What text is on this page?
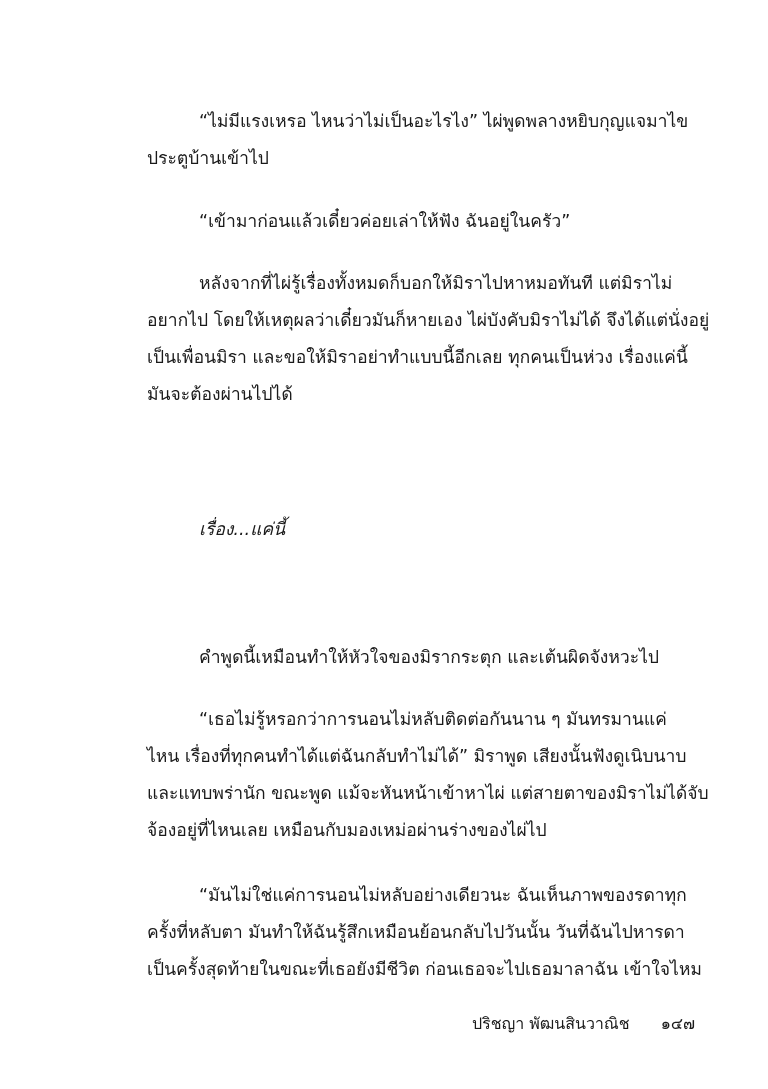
“ไม่มีแรงเหรอ ไหนว่าไม่เป็นอะไรไง” ไผ่พูดพลางหยิบกุญแจมาไข
ประตูบ้านเข้าไป
“เข้ามาก่อนแล้วเดี๋ยวค่อยเล่าให้ฟัง ฉันอยู่ในครัว”
หลังจากที่ไผ่รู้เรื่องทั้งหมดก็บอกให้มิราไปหาหมอทันที แต่มิราไม่
อยากไป โดยให้เหตุผลว่าเดี๋ยวมันก็หายเอง ไผ่บังคับมิราไม่ได้ จึงได้แต่นั่งอยู่
เป็นเพื่อนมิรา และขอให้มิราอย่าทำแบบนี้อีกเลย ทุกคนเป็นห่วง เรื่องแค่นี้
มันจะต้องผ่านไปได้
เรื่อง...แค่นี้
คำพูดนี้เหมือนทำให้หัวใจของมิรากระตุก และเต้นผิดจังหวะไป
“เธอไม่รู้หรอกว่าการนอนไม่หลับติดต่อกันนาน ๆ มันทรมานแค่
ไหน เรื่องที่ทุกคนทำได้แต่ฉันกลับทำไม่ได้” มิราพูด เสียงนั้นฟังดูเนิบนาบ
และแทบพร่านัก ขณะพูด แม้จะหันหน้าเข้าหาไผ่ แต่สายตาของมิราไม่ได้จับ
จ้องอยู่ที่ไหนเลย เหมือนกับมองเหม่อผ่านร่างของไผ่ไป
“มันไม่ใช่แค่การนอนไม่หลับอย่างเดียวนะ ฉันเห็นภาพของรดาทุก
ครั้งที่หลับตา มันทำให้ฉันรู้สึกเหมือนย้อนกลับไปวันนั้น วันที่ฉันไปหารดา
เป็นครั้งสุดท้ายในขณะที่เธอยังมีชีวิต ก่อนเธอจะไปเธอมาลาฉัน เข้าใจไหม
ปริชญา พัฒนสินวาณิช ๑๔๗
